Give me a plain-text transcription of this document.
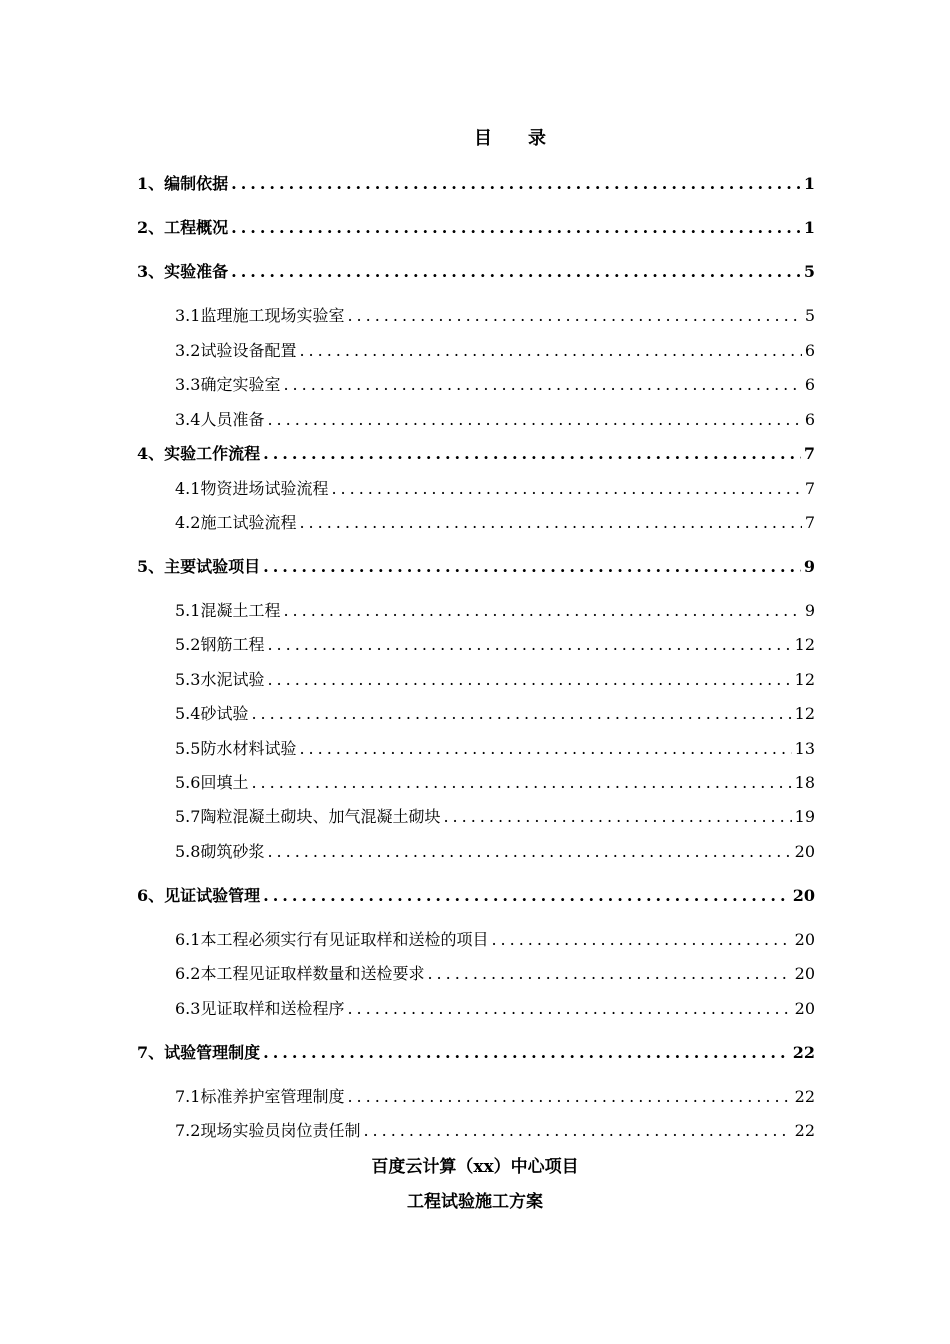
目 录
1、编制依据 .....	1
2、工程概况 .....	1
3、实验准备 .....	5
3.1监理施工现场实验室 .....	5
3.2试验设备配置 .....	6
3.3确定实验室 .....	6
3.4人员准备 .....	6
4、实验工作流程 .....	7
4.1物资进场试验流程 .....	7
4.2施工试验流程 .....	7
5、主要试验项目 .....	9
5.1混凝土工程 .....	9
5.2钢筋工程 .....	12
5.3水泥试验 .....	12
5.4砂试验 .....	12
5.5防水材料试验 .....	13
5.6回填土 .....	18
5.7陶粒混凝土砌块、加气混凝土砌块 .....	19
5.8砌筑砂浆 .....	20
6、见证试验管理 .....	20
6.1本工程必须实行有见证取样和送检的项目 .....	20
6.2本工程见证取样数量和送检要求 .....	20
6.3见证取样和送检程序 .....	20
7、试验管理制度 .....	22
7.1标准养护室管理制度 .....	22
7.2现场实验员岗位责任制 .....	22
百度云计算（xx）中心项目
工程试验施工方案
